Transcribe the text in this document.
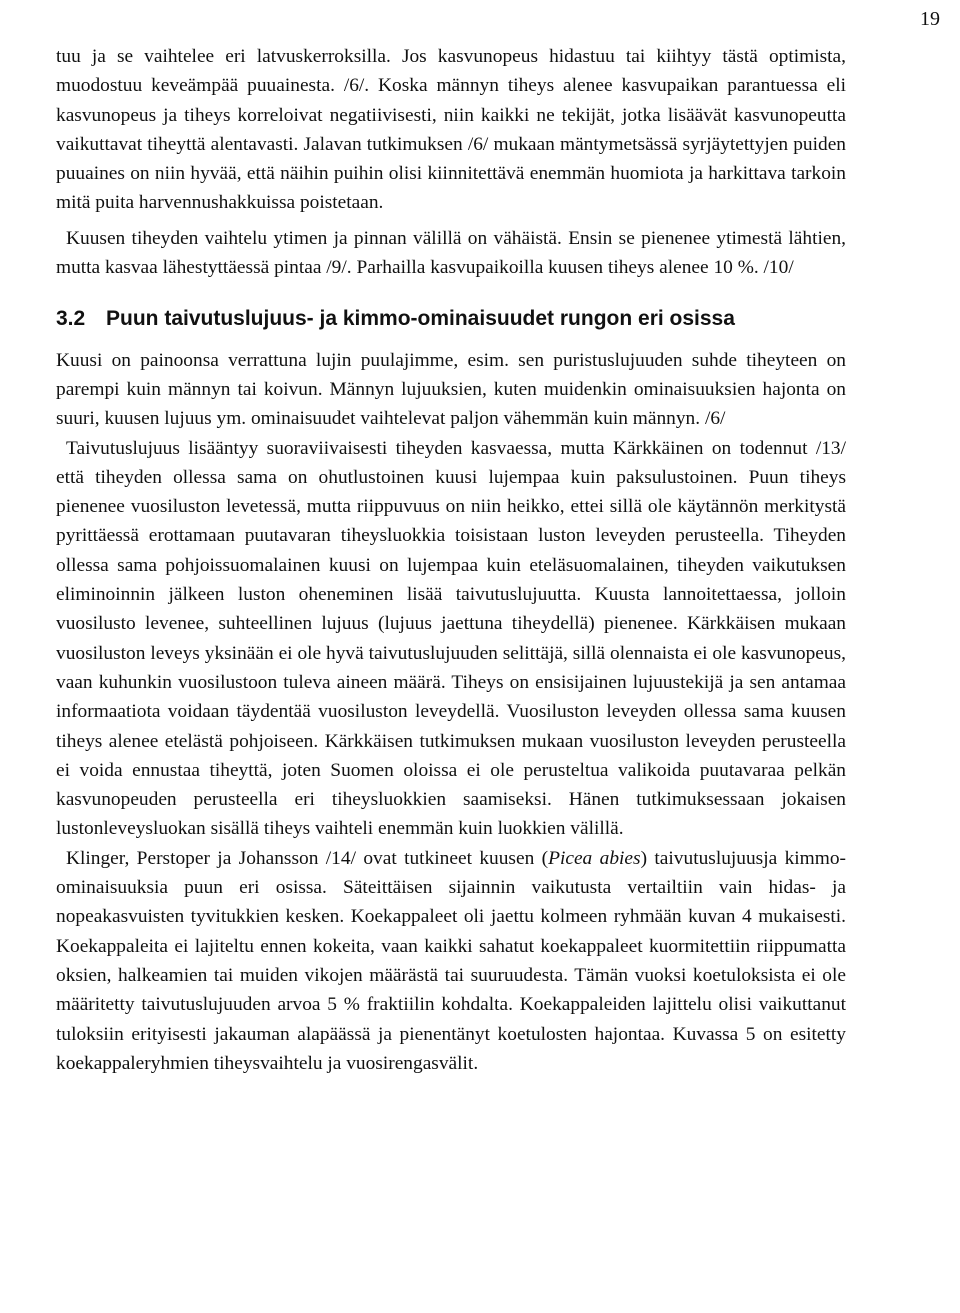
19

tuu ja se vaihtelee eri latvuskerroksilla. Jos kasvunopeus hidastuu tai kiihtyy tästä optimista, muodostuu keveämpää puuainesta. /6/. Koska männyn tiheys alenee kasvupaikan parantuessa eli kasvunopeus ja tiheys korreloivat negatiivisesti, niin kaikki ne tekijät, jotka lisäävät kasvunopeutta vaikuttavat tiheyttä alentavasti. Jalavan tutkimuksen /6/ mukaan mäntymetsässä syrjäytettyjen puiden puuaines on niin hyvää, että näihin puihin olisi kiinnitettävä enemmän huomiota ja harkittava tarkoin mitä puita harvennushakkuissa poistetaan.

Kuusen tiheyden vaihtelu ytimen ja pinnan välillä on vähäistä. Ensin se pienenee ytimestä lähtien, mutta kasvaa lähestyttäessä pintaa /9/. Parhailla kasvupaikoilla kuusen tiheys alenee 10 %. /10/

3.2 Puun taivutuslujuus- ja kimmo-ominaisuudet rungon eri osissa

Kuusi on painoonsa verrattuna lujin puulajimme, esim. sen puristuslujuuden suhde tiheyteen on parempi kuin männyn tai koivun. Männyn lujuuksien, kuten muidenkin ominaisuuksien hajonta on suuri, kuusen lujuus ym. ominaisuudet vaihtelevat paljon vähemmän kuin männyn. /6/

Taivutuslujuus lisääntyy suoraviivaisesti tiheyden kasvaessa, mutta Kärkkäinen on todennut /13/ että tiheyden ollessa sama on ohutlustoinen kuusi lujempaa kuin paksulustoinen. Puun tiheys pienenee vuosiluston levetessä, mutta riippuvuus on niin heikko, ettei sillä ole käytännön merkitystä pyrittäessä erottamaan puutavaran tiheysluokkia toisistaan luston leveyden perusteella. Tiheyden ollessa sama pohjoissuomalainen kuusi on lujempaa kuin eteläsuomalainen, tiheyden vaikutuksen eliminoinnin jälkeen luston oheneminen lisää taivutuslujuutta. Kuusta lannoitettaessa, jolloin vuosilusto levenee, suhteellinen lujuus (lujuus jaettuna tiheydellä) pienenee. Kärkkäisen mukaan vuosiluston leveys yksinään ei ole hyvä taivutuslujuuden selittäjä, sillä olennaista ei ole kasvunopeus, vaan kuhunkin vuosilustoon tuleva aineen määrä. Tiheys on ensisijainen lujuustekijä ja sen antamaa informaatiota voidaan täydentää vuosiluston leveydellä. Vuosiluston leveyden ollessa sama kuusen tiheys alenee etelästä pohjoiseen. Kärkkäisen tutkimuksen mukaan vuosiluston leveyden perusteella ei voida ennustaa tiheyttä, joten Suomen oloissa ei ole perusteltua valikoida puutavaraa pelkän kasvunopeuden perusteella eri tiheysluokkien saamiseksi. Hänen tutkimuksessaan jokaisen lustonleveysluokan sisällä tiheys vaihteli enemmän kuin luokkien välillä.

Klinger, Perstoper ja Johansson /14/ ovat tutkineet kuusen (Picea abies) taivutuslujuusja kimmo-ominaisuuksia puun eri osissa. Säteittäisen sijainnin vaikutusta vertailtiin vain hidas- ja nopeakasvuisten tyvitukkien kesken. Koekappaleet oli jaettu kolmeen ryhmään kuvan 4 mukaisesti. Koekappaleita ei lajiteltu ennen kokeita, vaan kaikki sahatut koekappaleet kuormitettiin riippumatta oksien, halkeamien tai muiden vikojen määrästä tai suuruudesta. Tämän vuoksi koetuloksista ei ole määritetty taivutuslujuuden arvoa 5 % fraktiilin kohdalta. Koekappaleiden lajittelu olisi vaikuttanut tuloksiin erityisesti jakauman alapäässä ja pienentänyt koetulosten hajontaa. Kuvassa 5 on esitetty koekappaleryhmien tiheysvaihtelu ja vuosirengasvälit.
